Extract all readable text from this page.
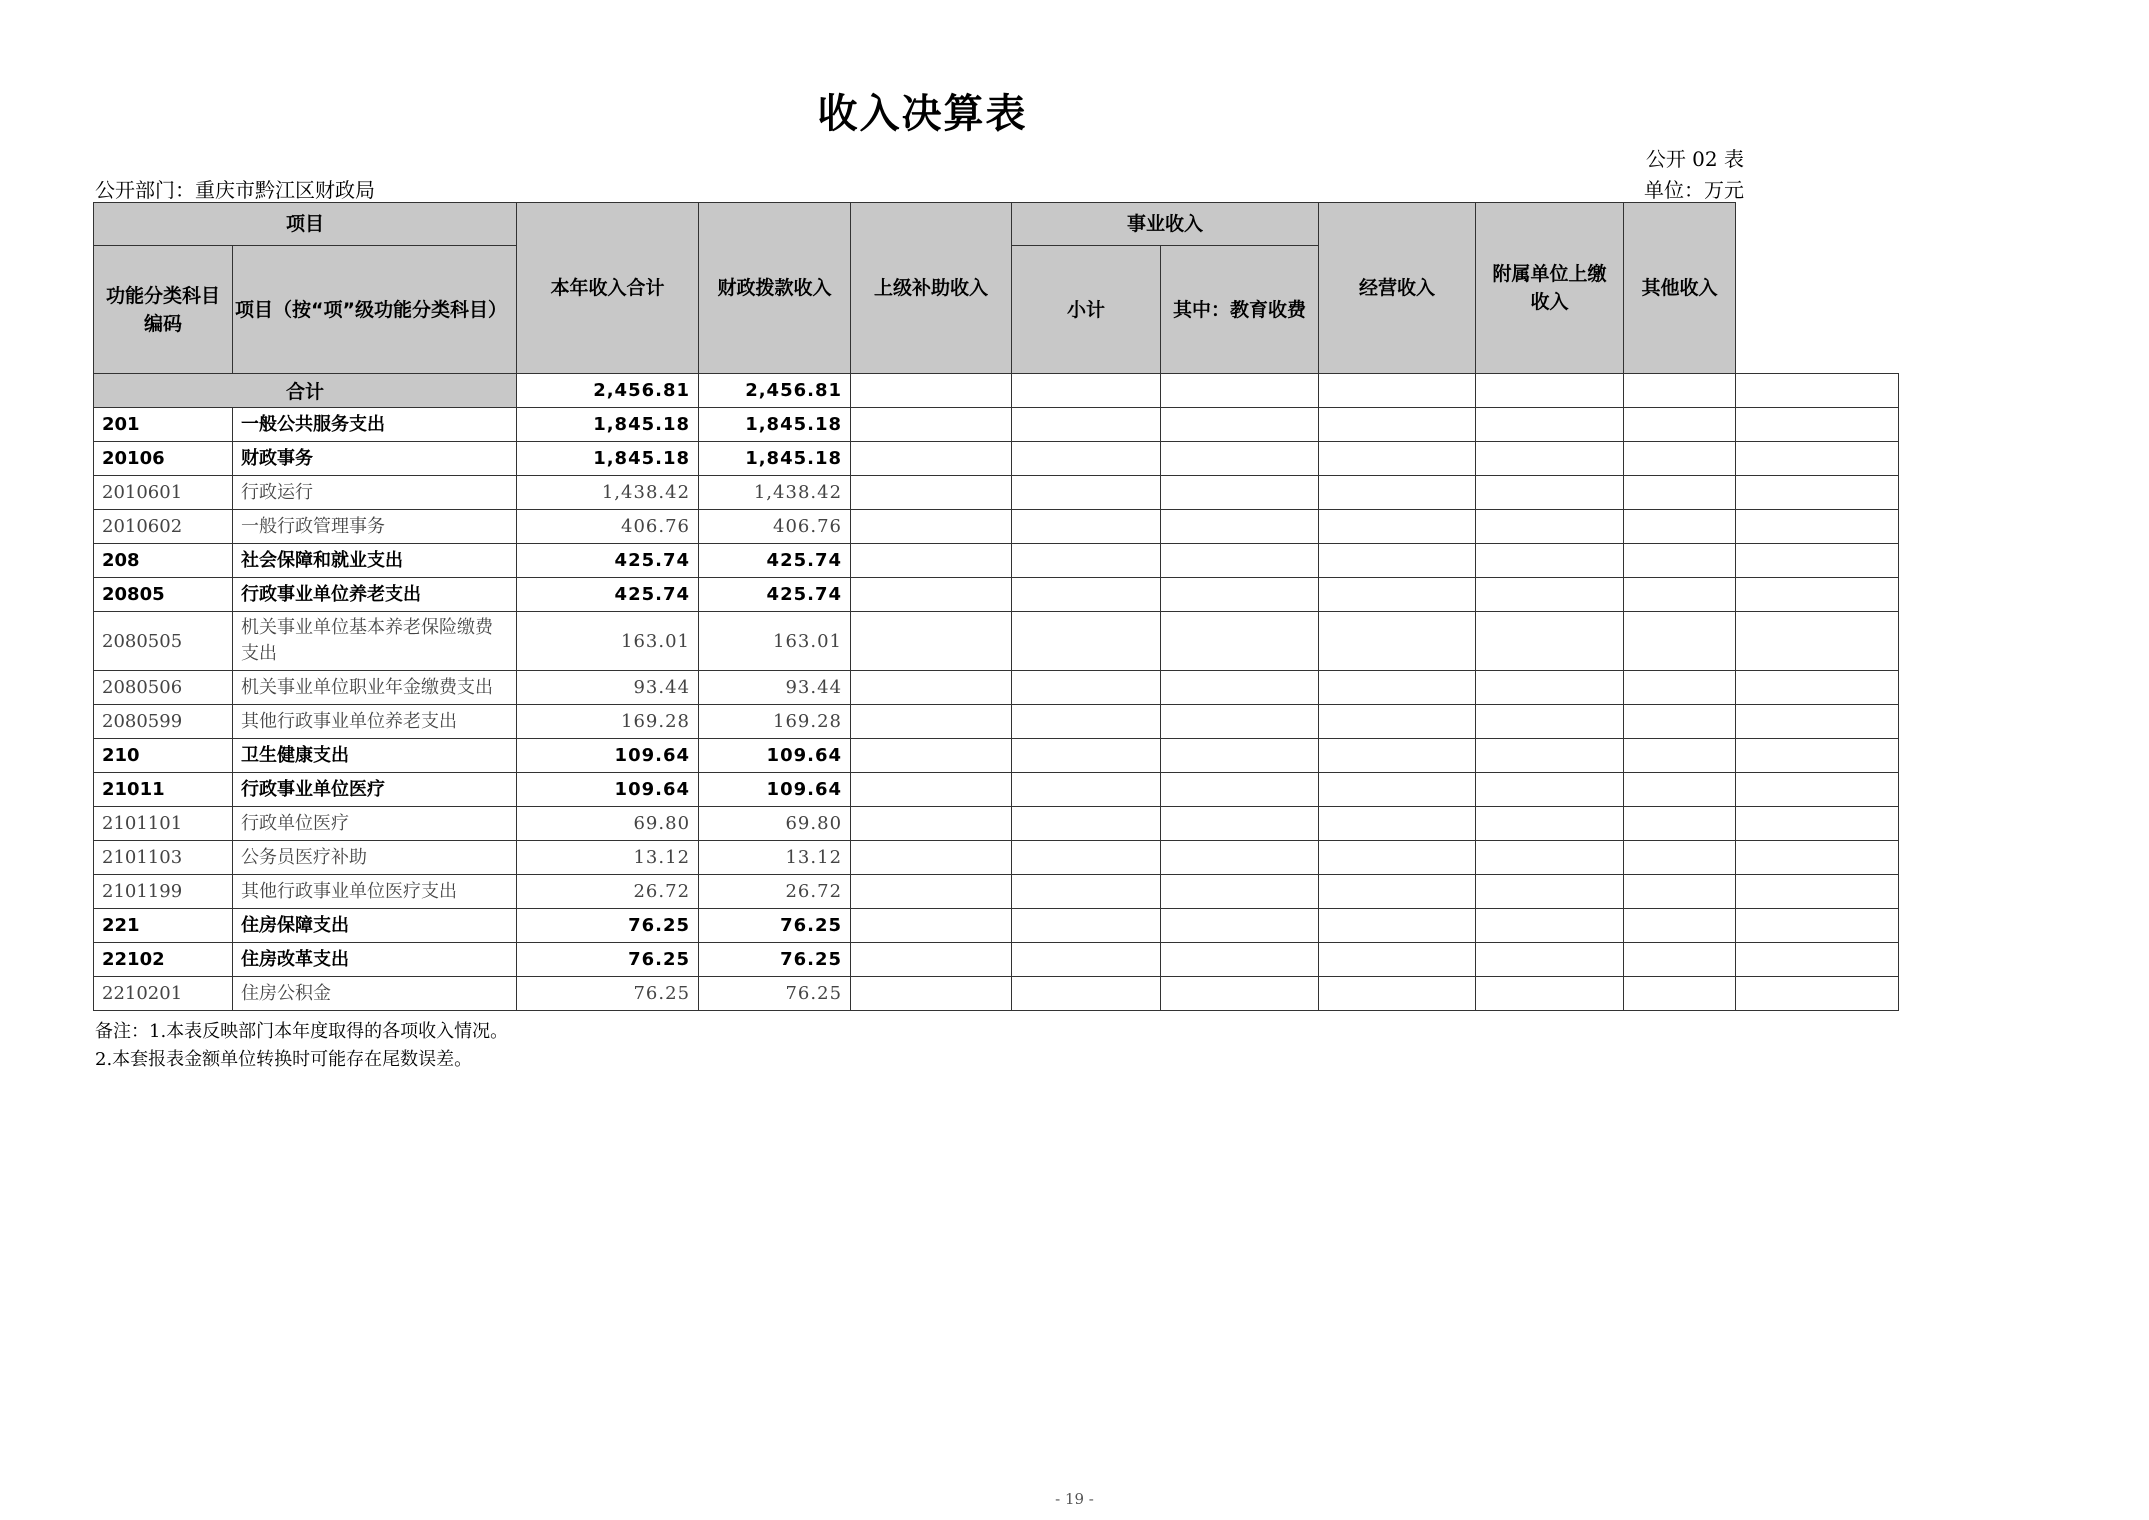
收入决算表
公开 02 表
公开部门：重庆市黔江区财政局	单位：万元
项目		本年收入合计	财政拨款收入	上级补助收入	事业收入		经营收入	附属单位上缴收入	其他收入	
功能分类科目编码	项目（按“项”级功能分类科目）				小计	其中：教育收费				
合计		2,456.81	2,456.81							
201	一般公共服务支出	1,845.18	1,845.18							
20106	财政事务	1,845.18	1,845.18							
2010601	行政运行	1,438.42	1,438.42							
2010602	一般行政管理事务	406.76	406.76							
208	社会保障和就业支出	425.74	425.74							
20805	行政事业单位养老支出	425.74	425.74							
2080505	机关事业单位基本养老保险缴费支出	163.01	163.01							
2080506	机关事业单位职业年金缴费支出	93.44	93.44							
2080599	其他行政事业单位养老支出	169.28	169.28							
210	卫生健康支出	109.64	109.64							
21011	行政事业单位医疗	109.64	109.64							
2101101	行政单位医疗	69.80	69.80							
2101103	公务员医疗补助	13.12	13.12							
2101199	其他行政事业单位医疗支出	26.72	26.72							
221	住房保障支出	76.25	76.25							
22102	住房改革支出	76.25	76.25							
2210201	住房公积金	76.25	76.25							
备注：1.本表反映部门本年度取得的各项收入情况。
2.本套报表金额单位转换时可能存在尾数误差。
- 19 -
